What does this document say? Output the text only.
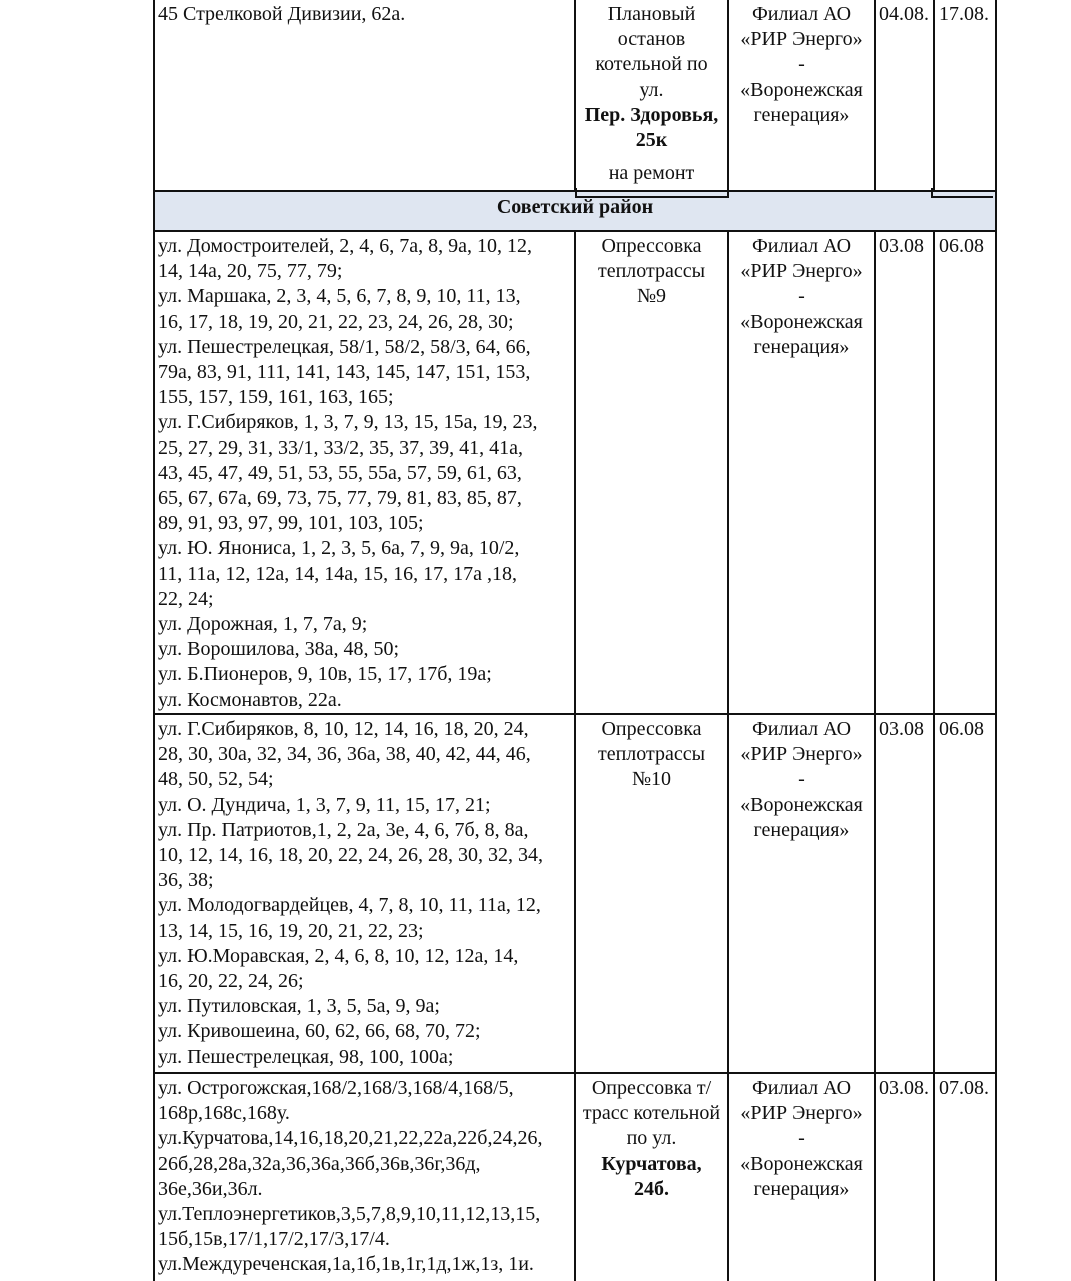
45 Стрелковой Дивизии, 62а.	Плановый
останов
котельной по
ул.
Пер. Здоровья,
25к
на ремонт
Филиал АО
«РИР Энерго»
-
«Воронежская
генерация»
04.08. 17.08.
Советский район
ул. Домостроителей, 2, 4, 6, 7а, 8, 9а, 10, 12,
14, 14а, 20, 75, 77, 79;
ул. Маршака, 2, 3, 4, 5, 6, 7, 8, 9, 10, 11, 13,
16, 17, 18, 19, 20, 21, 22, 23, 24, 26, 28, 30;
ул. Пешестрелецкая, 58/1, 58/2, 58/3, 64, 66,
79а, 83, 91, 111, 141, 143, 145, 147, 151, 153,
155, 157, 159, 161, 163, 165;
ул. Г.Сибиряков, 1, 3, 7, 9, 13, 15, 15а, 19, 23,
25, 27, 29, 31, 33/1, 33/2, 35, 37, 39, 41, 41а,
43, 45, 47, 49, 51, 53, 55, 55а, 57, 59, 61, 63,
65, 67, 67а, 69, 73, 75, 77, 79, 81, 83, 85, 87,
89, 91, 93, 97, 99, 101, 103, 105;
ул. Ю. Янониса, 1, 2, 3, 5, 6а, 7, 9, 9а, 10/2,
11, 11а, 12, 12а, 14, 14а, 15, 16, 17, 17а ,18,
22, 24;
ул. Дорожная, 1, 7, 7а, 9;
ул. Ворошилова, 38а, 48, 50;
ул. Б.Пионеров, 9, 10в, 15, 17, 17б, 19а;
ул. Космонавтов, 22а.
Опрессовка
теплотрассы
№9
Филиал АО
«РИР Энерго»
-
«Воронежская
генерация»
03.08 06.08
ул. Г.Сибиряков, 8, 10, 12, 14, 16, 18, 20, 24,
28, 30, 30а, 32, 34, 36, 36а, 38, 40, 42, 44, 46,
48, 50, 52, 54;
ул. О. Дундича, 1, 3, 7, 9, 11, 15, 17, 21;
ул. Пр. Патриотов,1, 2, 2а, 3е, 4, 6, 7б, 8, 8а,
10, 12, 14, 16, 18, 20, 22, 24, 26, 28, 30, 32, 34,
36, 38;
ул. Молодогвардейцев, 4, 7, 8, 10, 11, 11а, 12,
13, 14, 15, 16, 19, 20, 21, 22, 23;
ул. Ю.Моравская, 2, 4, 6, 8, 10, 12, 12а, 14,
16, 20, 22, 24, 26;
ул. Путиловская, 1, 3, 5, 5а, 9, 9а;
ул. Кривошеина, 60, 62, 66, 68, 70, 72;
ул. Пешестрелецкая, 98, 100, 100а;
Опрессовка
теплотрассы
№10
Филиал АО
«РИР Энерго»
-
«Воронежская
генерация»
03.08 06.08
ул. Острогожская,168/2,168/3,168/4,168/5,
168р,168с,168у.
ул.Курчатова,14,16,18,20,21,22,22а,22б,24,26,
26б,28,28а,32а,36,36а,36б,36в,36г,36д,
36е,36и,36л.
ул.Теплоэнергетиков,3,5,7,8,9,10,11,12,13,15,
15б,15в,17/1,17/2,17/3,17/4.
ул.Междуреченская,1а,1б,1в,1г,1д,1ж,1з, 1и.
Опрессовка т/
трасс котельной
по ул.
Курчатова,
24б.
Филиал АО
«РИР Энерго»
-
«Воронежская
генерация»
03.08. 07.08.
